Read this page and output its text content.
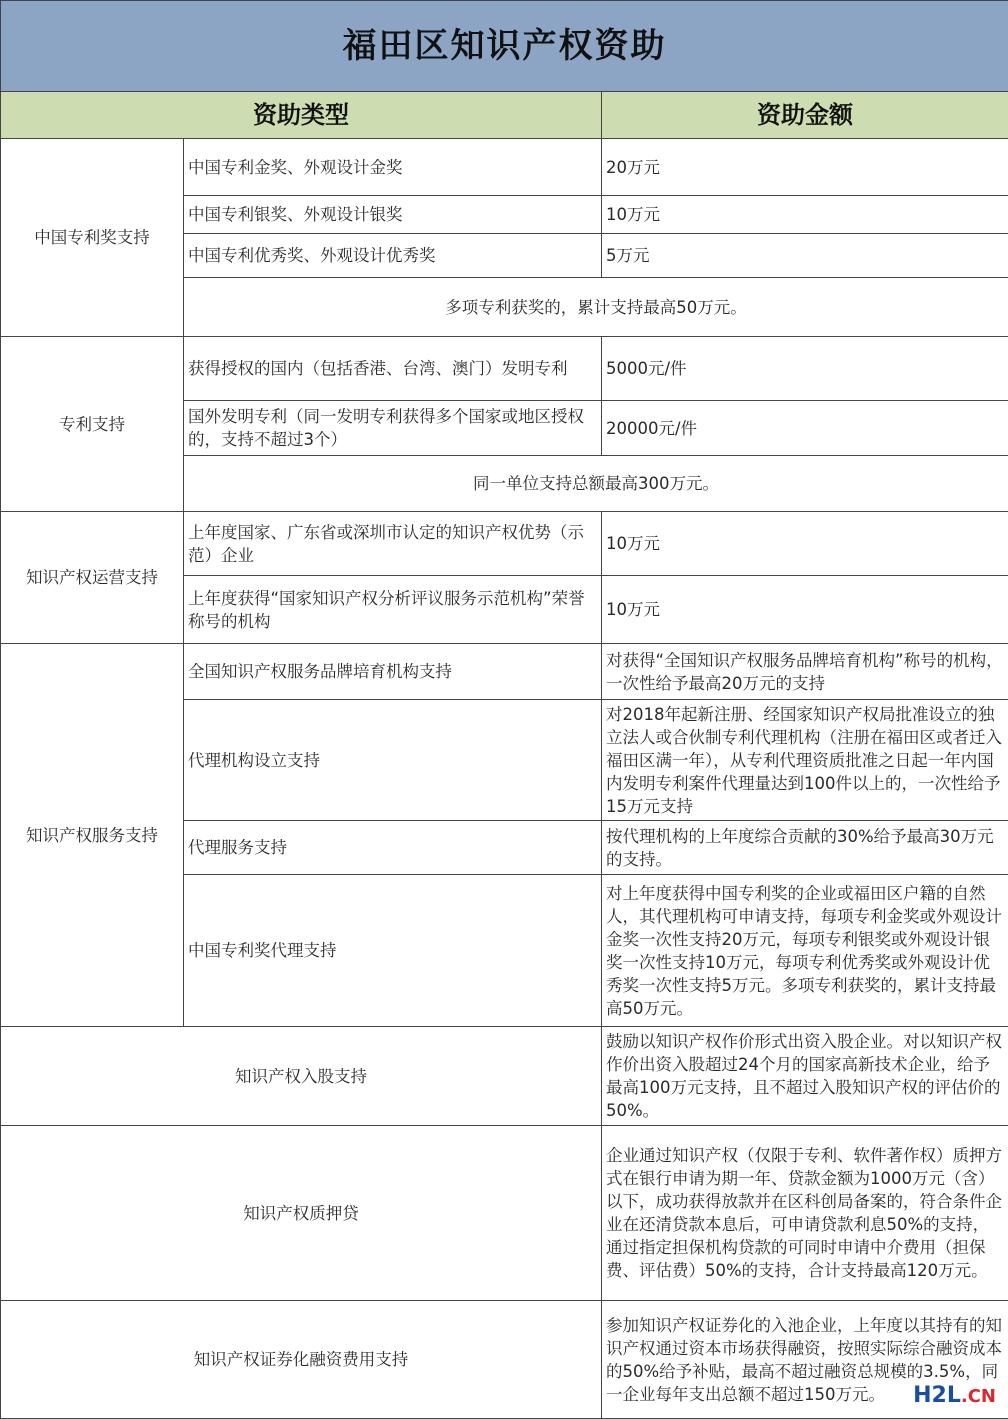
福田区知识产权资助		
资助类型		资助金额
中国专利奖支持	中国专利金奖、外观设计金奖	20万元
	中国专利银奖、外观设计银奖	10万元
	中国专利优秀奖、外观设计优秀奖	5万元
	多项专利获奖的，累计支持最高50万元。	
专利支持	获得授权的国内（包括香港、台湾、澳门）发明专利	5000元/件
	国外发明专利（同一发明专利获得多个国家或地区授权的，支持不超过3个）	20000元/件
	同一单位支持总额最高300万元。	
知识产权运营支持	上年度国家、广东省或深圳市认定的知识产权优势（示范）企业	10万元
	上年度获得“国家知识产权分析评议服务示范机构”荣誉称号的机构	10万元
知识产权服务支持	全国知识产权服务品牌培育机构支持	对获得“全国知识产权服务品牌培育机构”称号的机构，一次性给予最高20万元的支持
	代理机构设立支持	对2018年起新注册、经国家知识产权局批准设立的独立法人或合伙制专利代理机构（注册在福田区或者迁入福田区满一年），从专利代理资质批准之日起一年内国内发明专利案件代理量达到100件以上的，一次性给予15万元支持
	代理服务支持	按代理机构的上年度综合贡献的30%给予最高30万元的支持。
	中国专利奖代理支持	对上年度获得中国专利奖的企业或福田区户籍的自然人，其代理机构可申请支持，每项专利金奖或外观设计金奖一次性支持20万元，每项专利银奖或外观设计银奖一次性支持10万元，每项专利优秀奖或外观设计优秀奖一次性支持5万元。多项专利获奖的，累计支持最高50万元。
知识产权入股支持		鼓励以知识产权作价形式出资入股企业。对以知识产权作价出资入股超过24个月的国家高新技术企业，给予最高100万元支持，且不超过入股知识产权的评估价的50%。
知识产权质押贷		企业通过知识产权（仅限于专利、软件著作权）质押方式在银行申请为期一年、贷款金额为1000万元（含）以下，成功获得放款并在区科创局备案的，符合条件企业在还清贷款本息后，可申请贷款利息50%的支持，通过指定担保机构贷款的可同时申请中介费用（担保费、评估费）50%的支持，合计支持最高120万元。
知识产权证券化融资费用支持		参加知识产权证券化的入池企业，上年度以其持有的知识产权通过资本市场获得融资，按照实际综合融资成本的50%给予补贴，最高不超过融资总规模的3.5%，同一企业每年支出总额不超过150万元。 H2L.CN
